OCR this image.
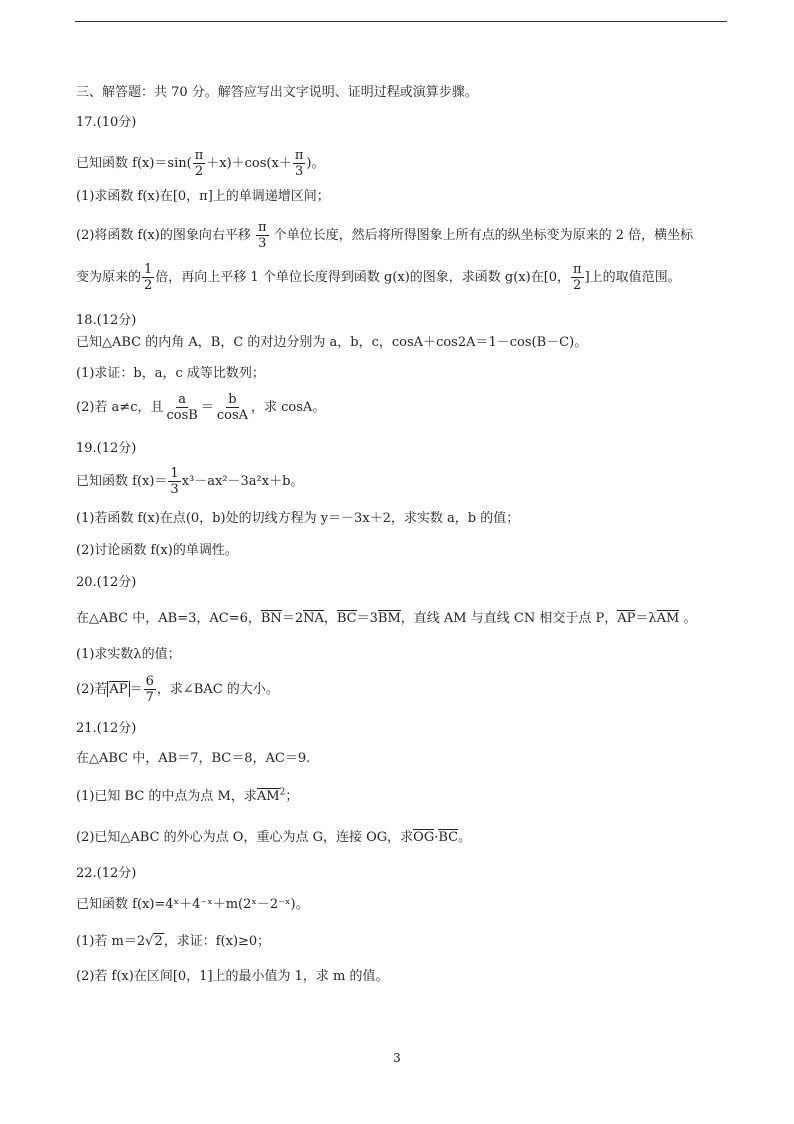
三、解答题：共 70 分。解答应写出文字说明、证明过程或演算步骤。
17.(10分)
已知函数 $f(x)=\sin( \frac{\pi}{2} +x)+\cos(x+ \frac{\pi}{3}$ )。
(1)求函数 f(x)在[0，π]上的单调递增区间；
(2)将函数 f(x)的图象向右平移 $\frac{\pi}{3}$ 个单位长度，然后将所得图象上所有点的纵坐标变为原来的 2 倍，横坐标
变为原来的 $\frac{1}{2}$ 倍，再向上平移 1 个单位长度得到函数 g(x)的图象，求函数 g(x)在[0， $\frac{\pi}{2}$ ]上的取值范围。
18.(12分)
已知△ABC 的内角 A，B，C 的对边分别为 a，b，c，cosA＋cos2A＝1－cos(B－C)。
(1)求证：b，a，c 成等比数列；
(2)若 a≠c，且 $\frac{a}{\cos B} = \frac{b}{\cos A}$ ，求 cosA。
19.(12分)
已知函数 $f(x)= \frac{1}{3} x^3-ax^2-3a^2x+b$。
(1)若函数 f(x)在点(0，b)处的切线方程为 y＝－3x＋2，求实数 a，b 的值；
(2)讨论函数 f(x)的单调性。
20.(12分)
在△ABC 中，AB=3，AC=6，BN＝2NA，BC＝3BM，直线 AM 与直线 CN 相交于点 P，AP＝λAM 。
(1)求实数λ的值；
(2)若 AP ＝ $\frac{6}{7}$ ，求∠BAC 的大小。
21.(12分)
在△ABC 中，AB＝7，BC＝8，AC＝9.
(1)已知 BC 的中点为点 M，求$AM^2$；
(2)已知△ABC 的外心为点 O，重心为点 G，连接 OG，求OG·BC。
22.(12分)
已知函数 f(x)=4ˣ＋4⁻ˣ＋m(2ˣ－2⁻ˣ)。
(1)若 m＝2√2，求证：f(x)≥0；
(2)若 f(x)在区间[0，1]上的最小值为 1，求 m 的值。
3
